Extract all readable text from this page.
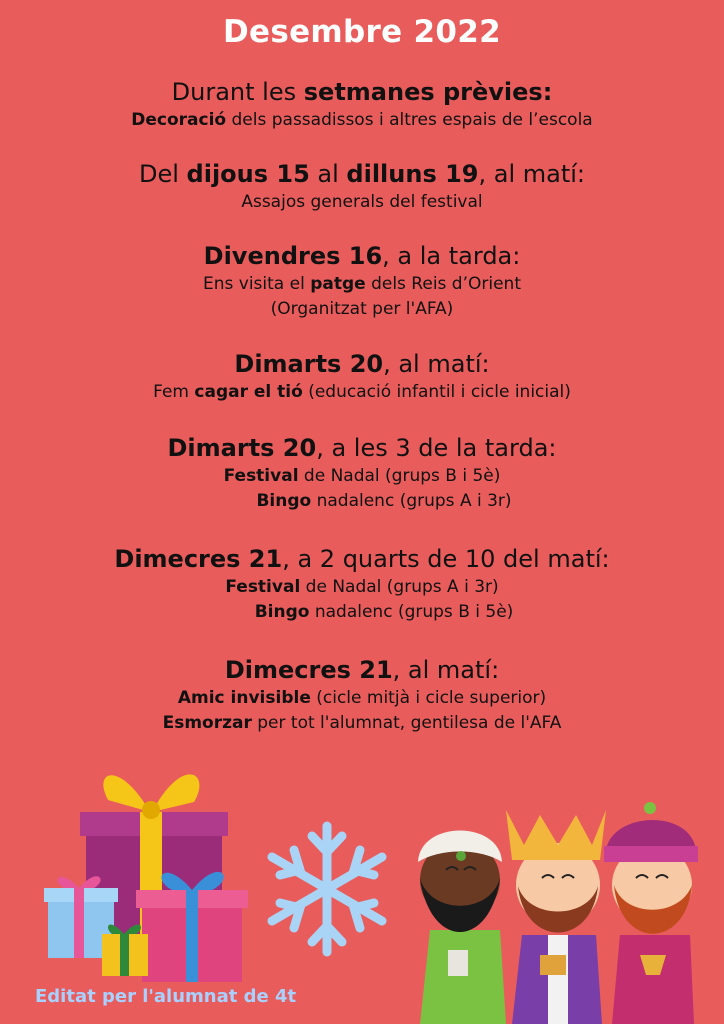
Desembre 2022
Durant les setmanes prèvies:
Decoració dels passadissos i altres espais de l’escola
Del dijous 15 al dilluns 19, al matí:
Assajos generals del festival
Divendres 16, a la tarda:
Ens visita el patge dels Reis d’Orient
(Organitzat per l'AFA)
Dimarts 20, al matí:
Fem cagar el tió (educació infantil i cicle inicial)
Dimarts 20, a les 3 de la tarda:
Festival de Nadal (grups B i 5è)
Bingo nadalenc (grups A i 3r)
Dimecres 21, a 2 quarts de 10 del matí:
Festival de Nadal (grups A i 3r)
Bingo nadalenc (grups B i 5è)
Dimecres 21, al matí:
Amic invisible (cicle mitjà i cicle superior)
Esmorzar per tot l'alumnat, gentilesa de l'AFA
Editat per l'alumnat de 4t
